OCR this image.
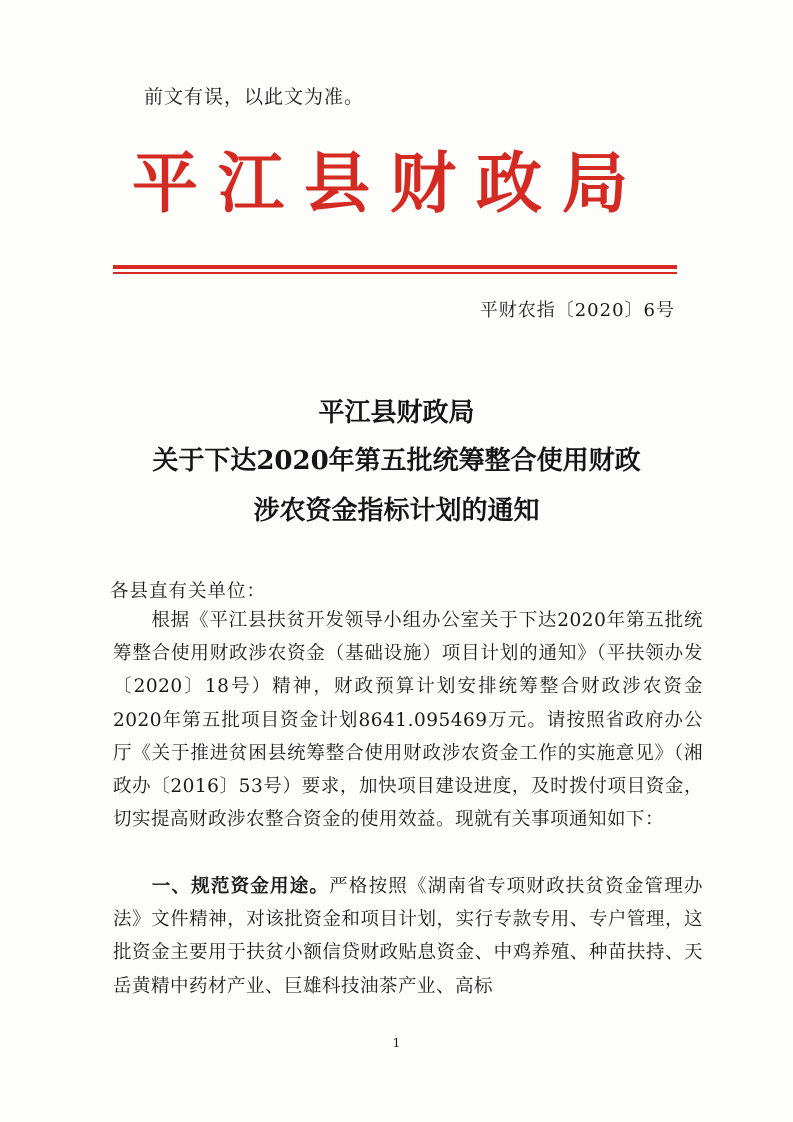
前文有误，以此文为准。
平江县财政局
平财农指〔2020〕6号
平江县财政局
关于下达2020年第五批统筹整合使用财政
涉农资金指标计划的通知
各县直有关单位：
根据《平江县扶贫开发领导小组办公室关于下达2020年第五批统筹整合使用财政涉农资金（基础设施）项目计划的通知》（平扶领办发〔2020〕18号）精神，财政预算计划安排统筹整合财政涉农资金2020年第五批项目资金计划8641.095469万元。请按照省政府办公厅《关于推进贫困县统筹整合使用财政涉农资金工作的实施意见》（湘政办〔2016〕53号）要求，加快项目建设进度，及时拨付项目资金，切实提高财政涉农整合资金的使用效益。现就有关事项通知如下：
一、规范资金用途。严格按照《湖南省专项财政扶贫资金管理办法》文件精神，对该批资金和项目计划，实行专款专用、专户管理，这批资金主要用于扶贫小额信贷财政贴息资金、中鸡养殖、种苗扶持、天岳黄精中药材产业、巨雄科技油茶产业、高标
1
